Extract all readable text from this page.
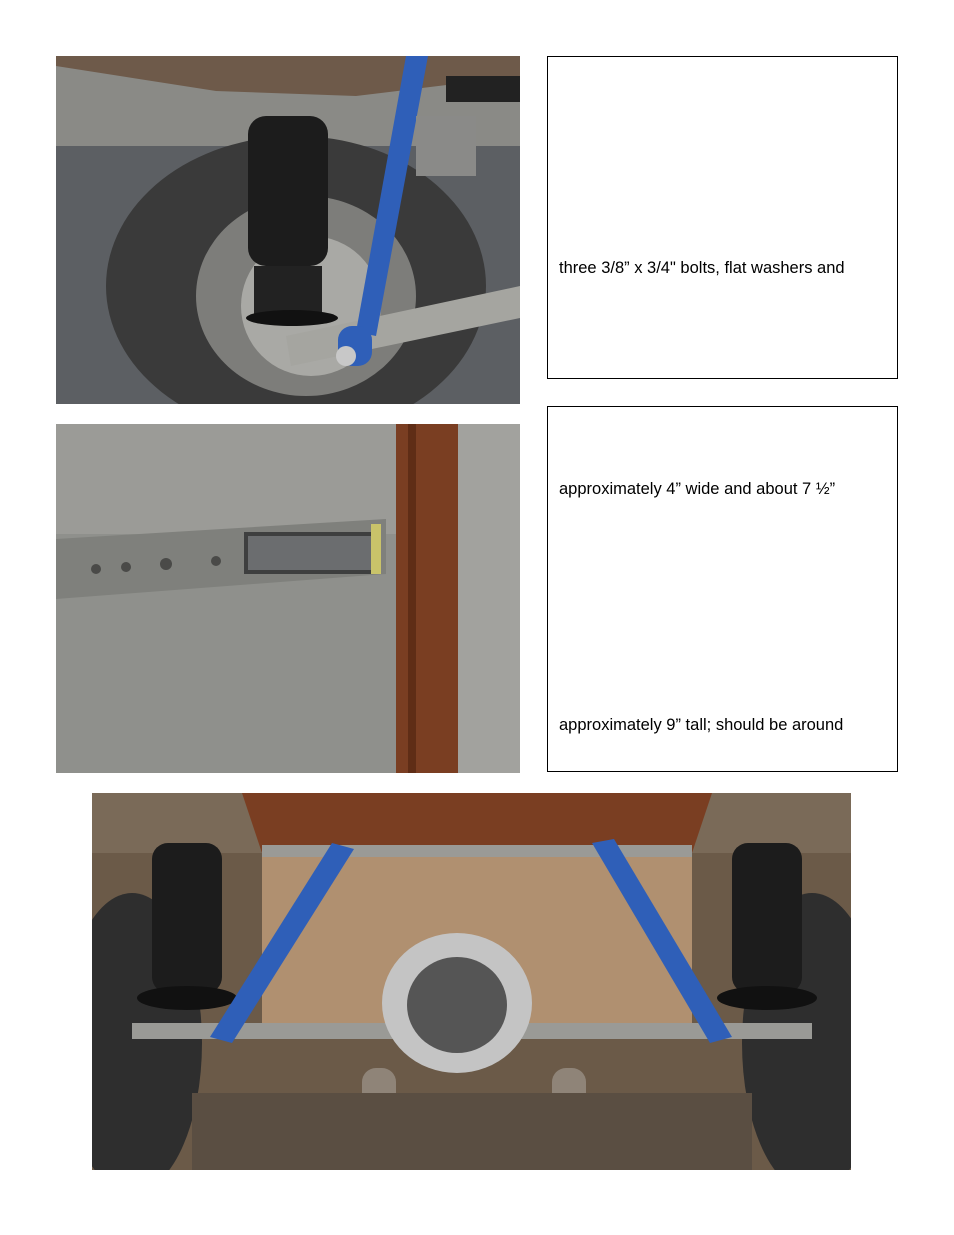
three 3/8” x 3/4" bolts, flat washers and
approximately 4” wide and about 7 ½”
approximately 9” tall; should be around
